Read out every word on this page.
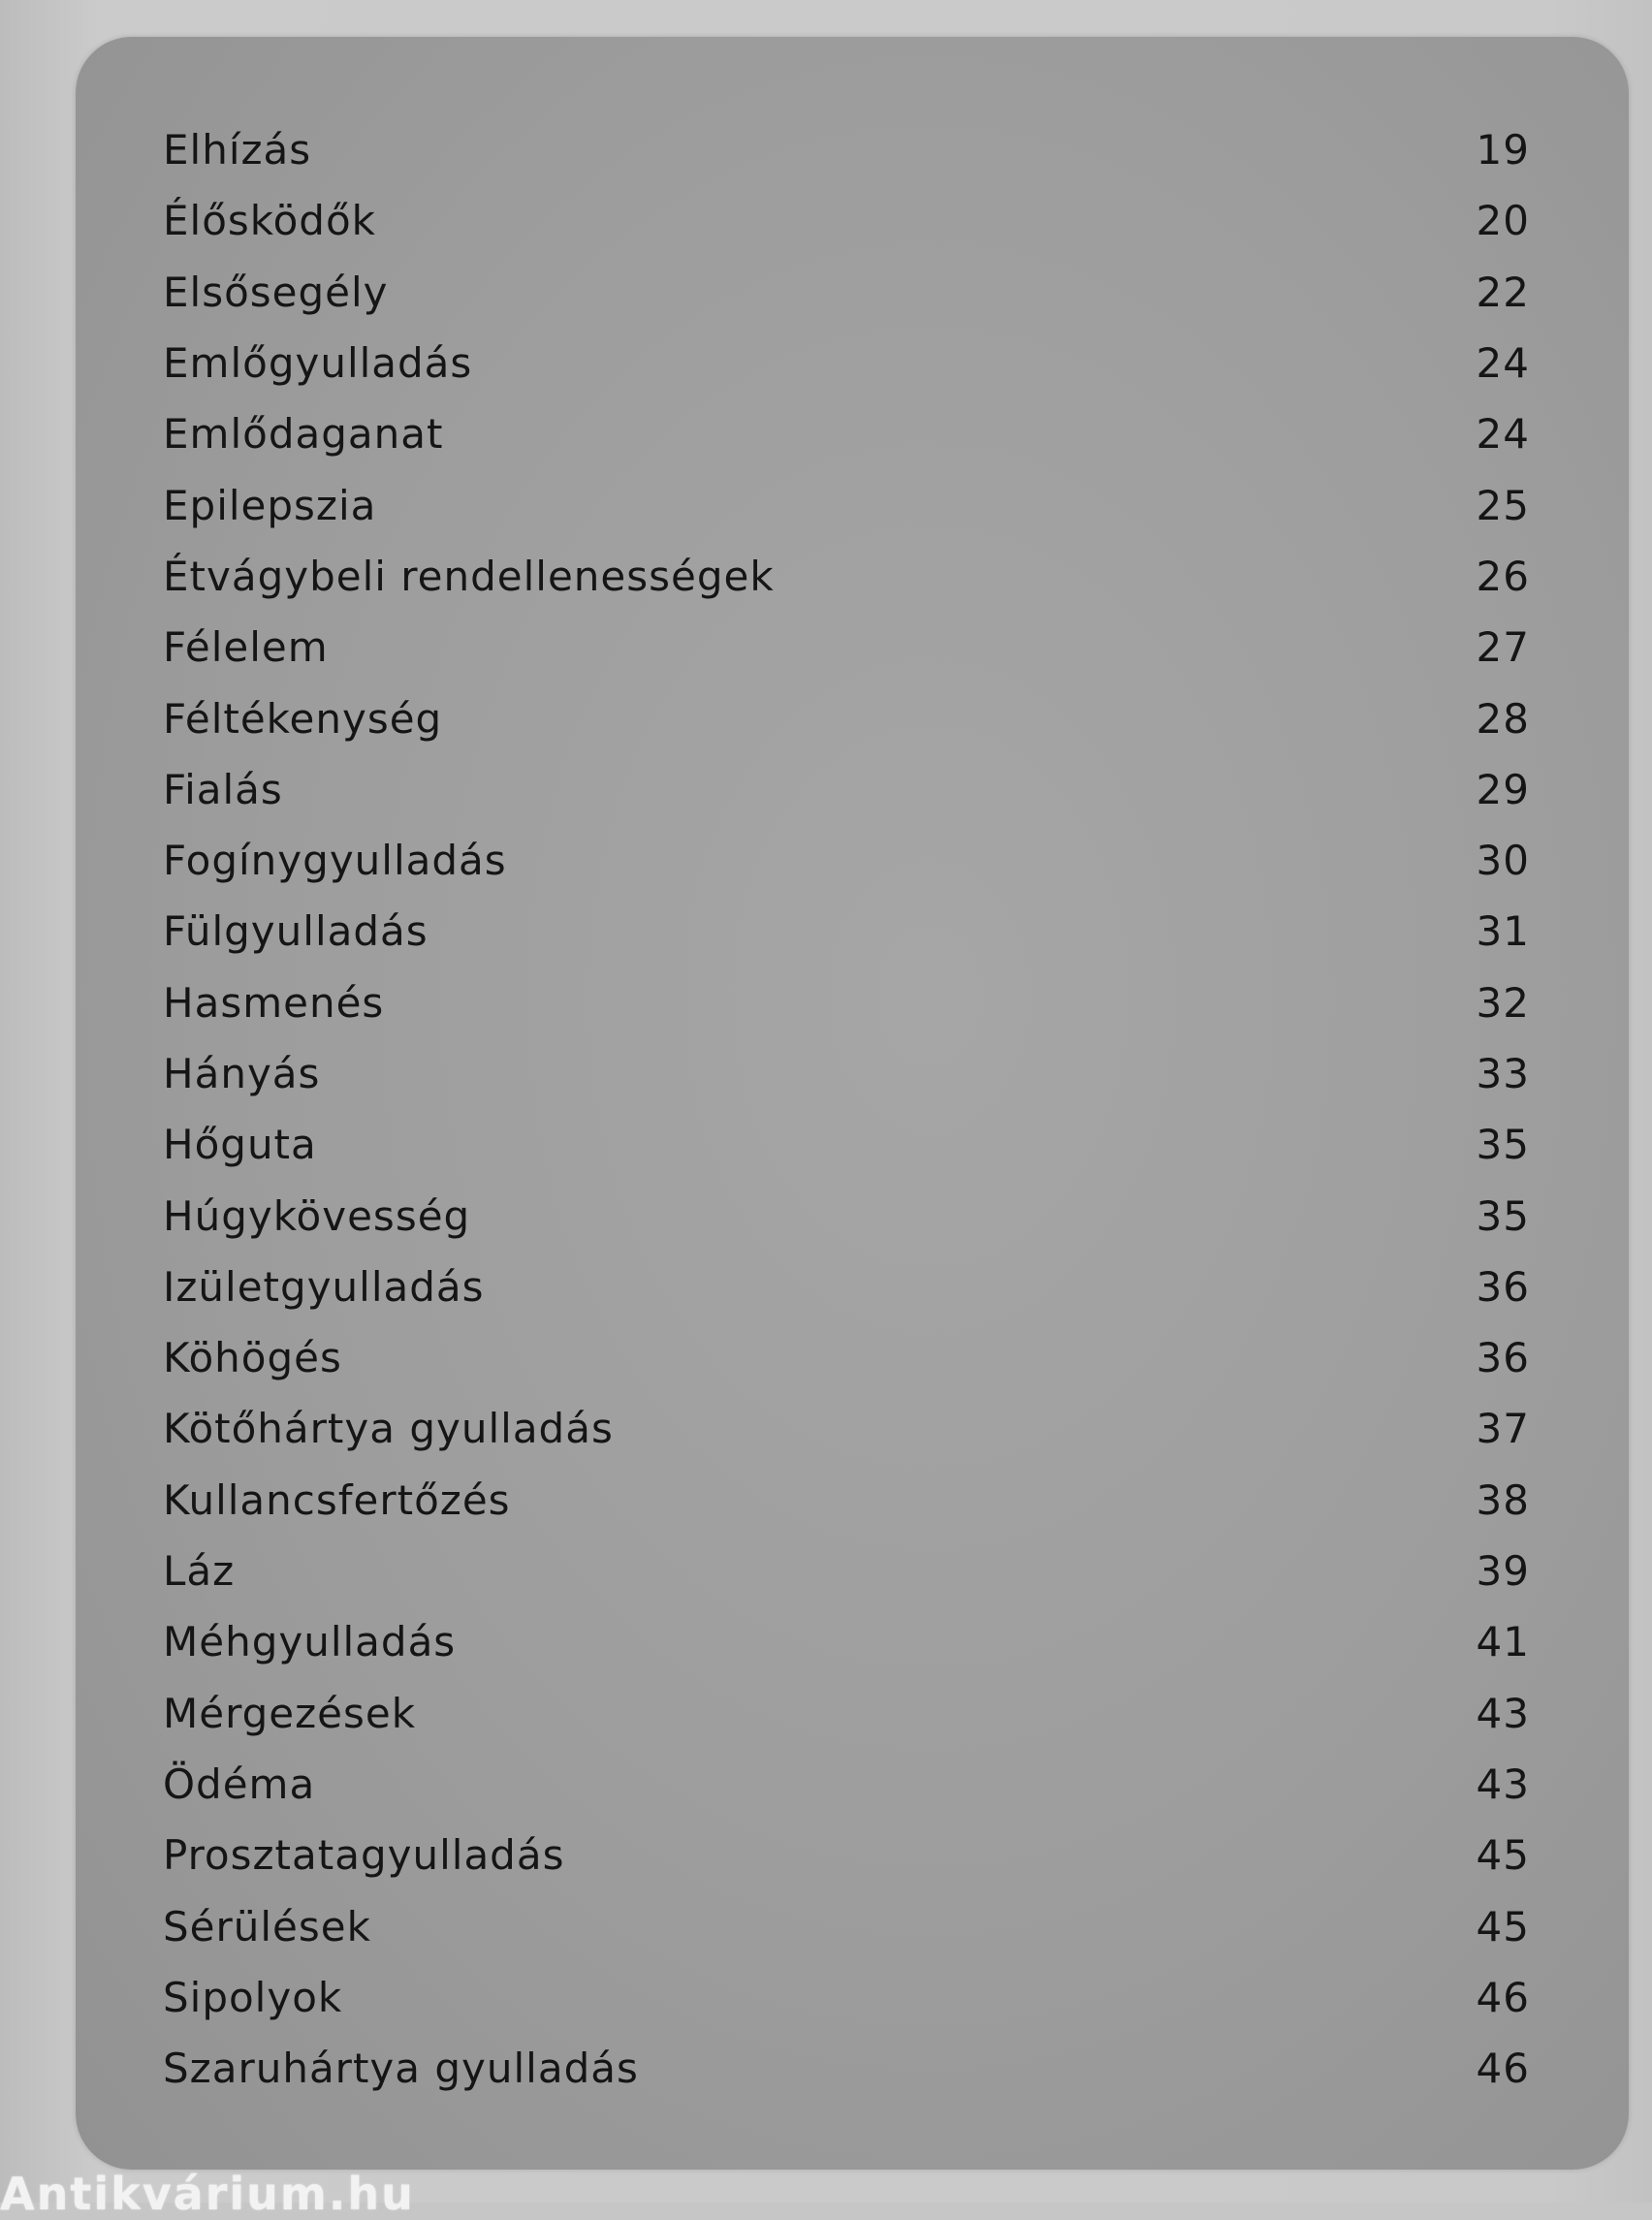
Elhízás	19
Élősködők	20
Elsősegély	22
Emlőgyulladás	24
Emlődaganat	24
Epilepszia	25
Étvágybeli rendellenességek	26
Félelem	27
Féltékenység	28
Fialás	29
Fogínygyulladás	30
Fülgyulladás	31
Hasmenés	32
Hányás	33
Hőguta	35
Húgykövesség	35
Izületgyulladás	36
Köhögés	36
Kötőhártya gyulladás	37
Kullancsfertőzés	38
Láz	39
Méhgyulladás	41
Mérgezések	43
Ödéma	43
Prosztatagyulladás	45
Sérülések	45
Sipolyok	46
Szaruhártya gyulladás	46
Antikvárium.hu
